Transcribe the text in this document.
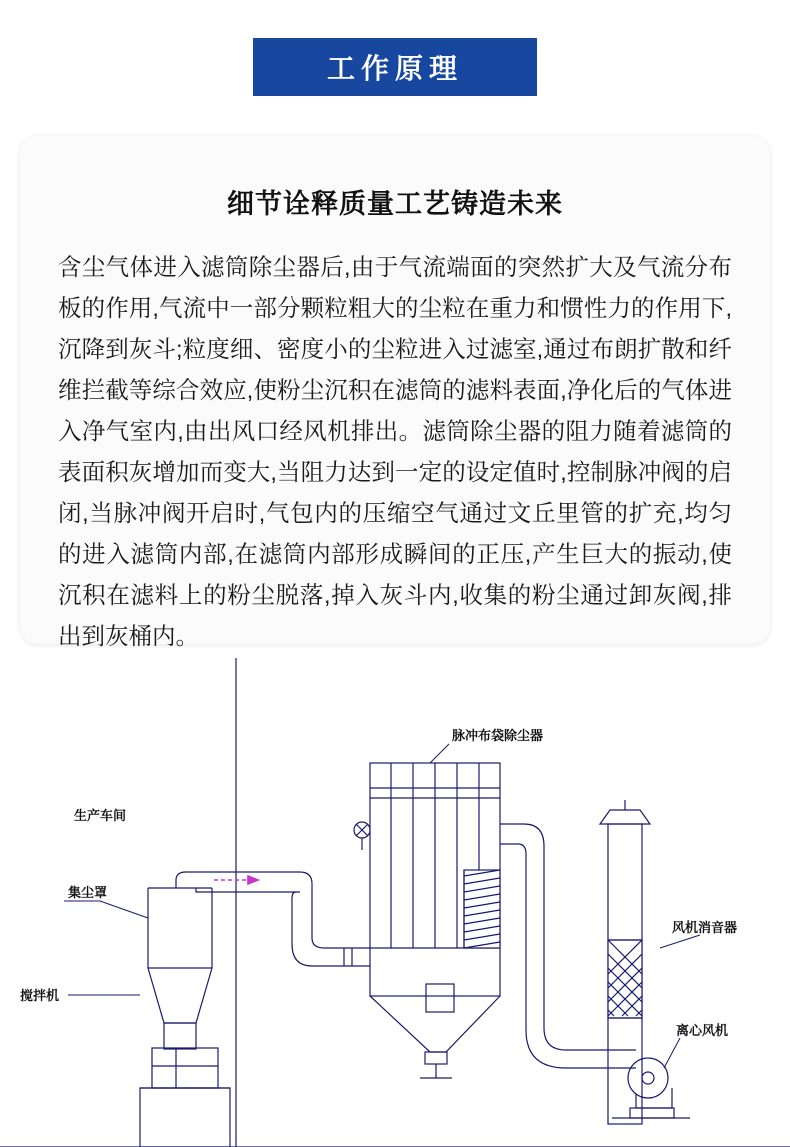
工作原理
细节诠释质量工艺铸造未来
含尘气体进入滤筒除尘器后,由于气流端面的突然扩大及气流分布板的作用,气流中一部分颗粒粗大的尘粒在重力和惯性力的作用下,沉降到灰斗;粒度细、密度小的尘粒进入过滤室,通过布朗扩散和纤维拦截等综合效应,使粉尘沉积在滤筒的滤料表面,净化后的气体进入净气室内,由出风口经风机排出。滤筒除尘器的阻力随着滤筒的表面积灰增加而变大,当阻力达到一定的设定值时,控制脉冲阀的启闭,当脉冲阀开启时,气包内的压缩空气通过文丘里管的扩充,均匀的进入滤筒内部,在滤筒内部形成瞬间的正压,产生巨大的振动,使沉积在滤料上的粉尘脱落,掉入灰斗内,收集的粉尘通过卸灰阀,排出到灰桶内。
脉冲布袋除尘器
生产车间
集尘罩
搅拌机
风机消音器
离心风机
